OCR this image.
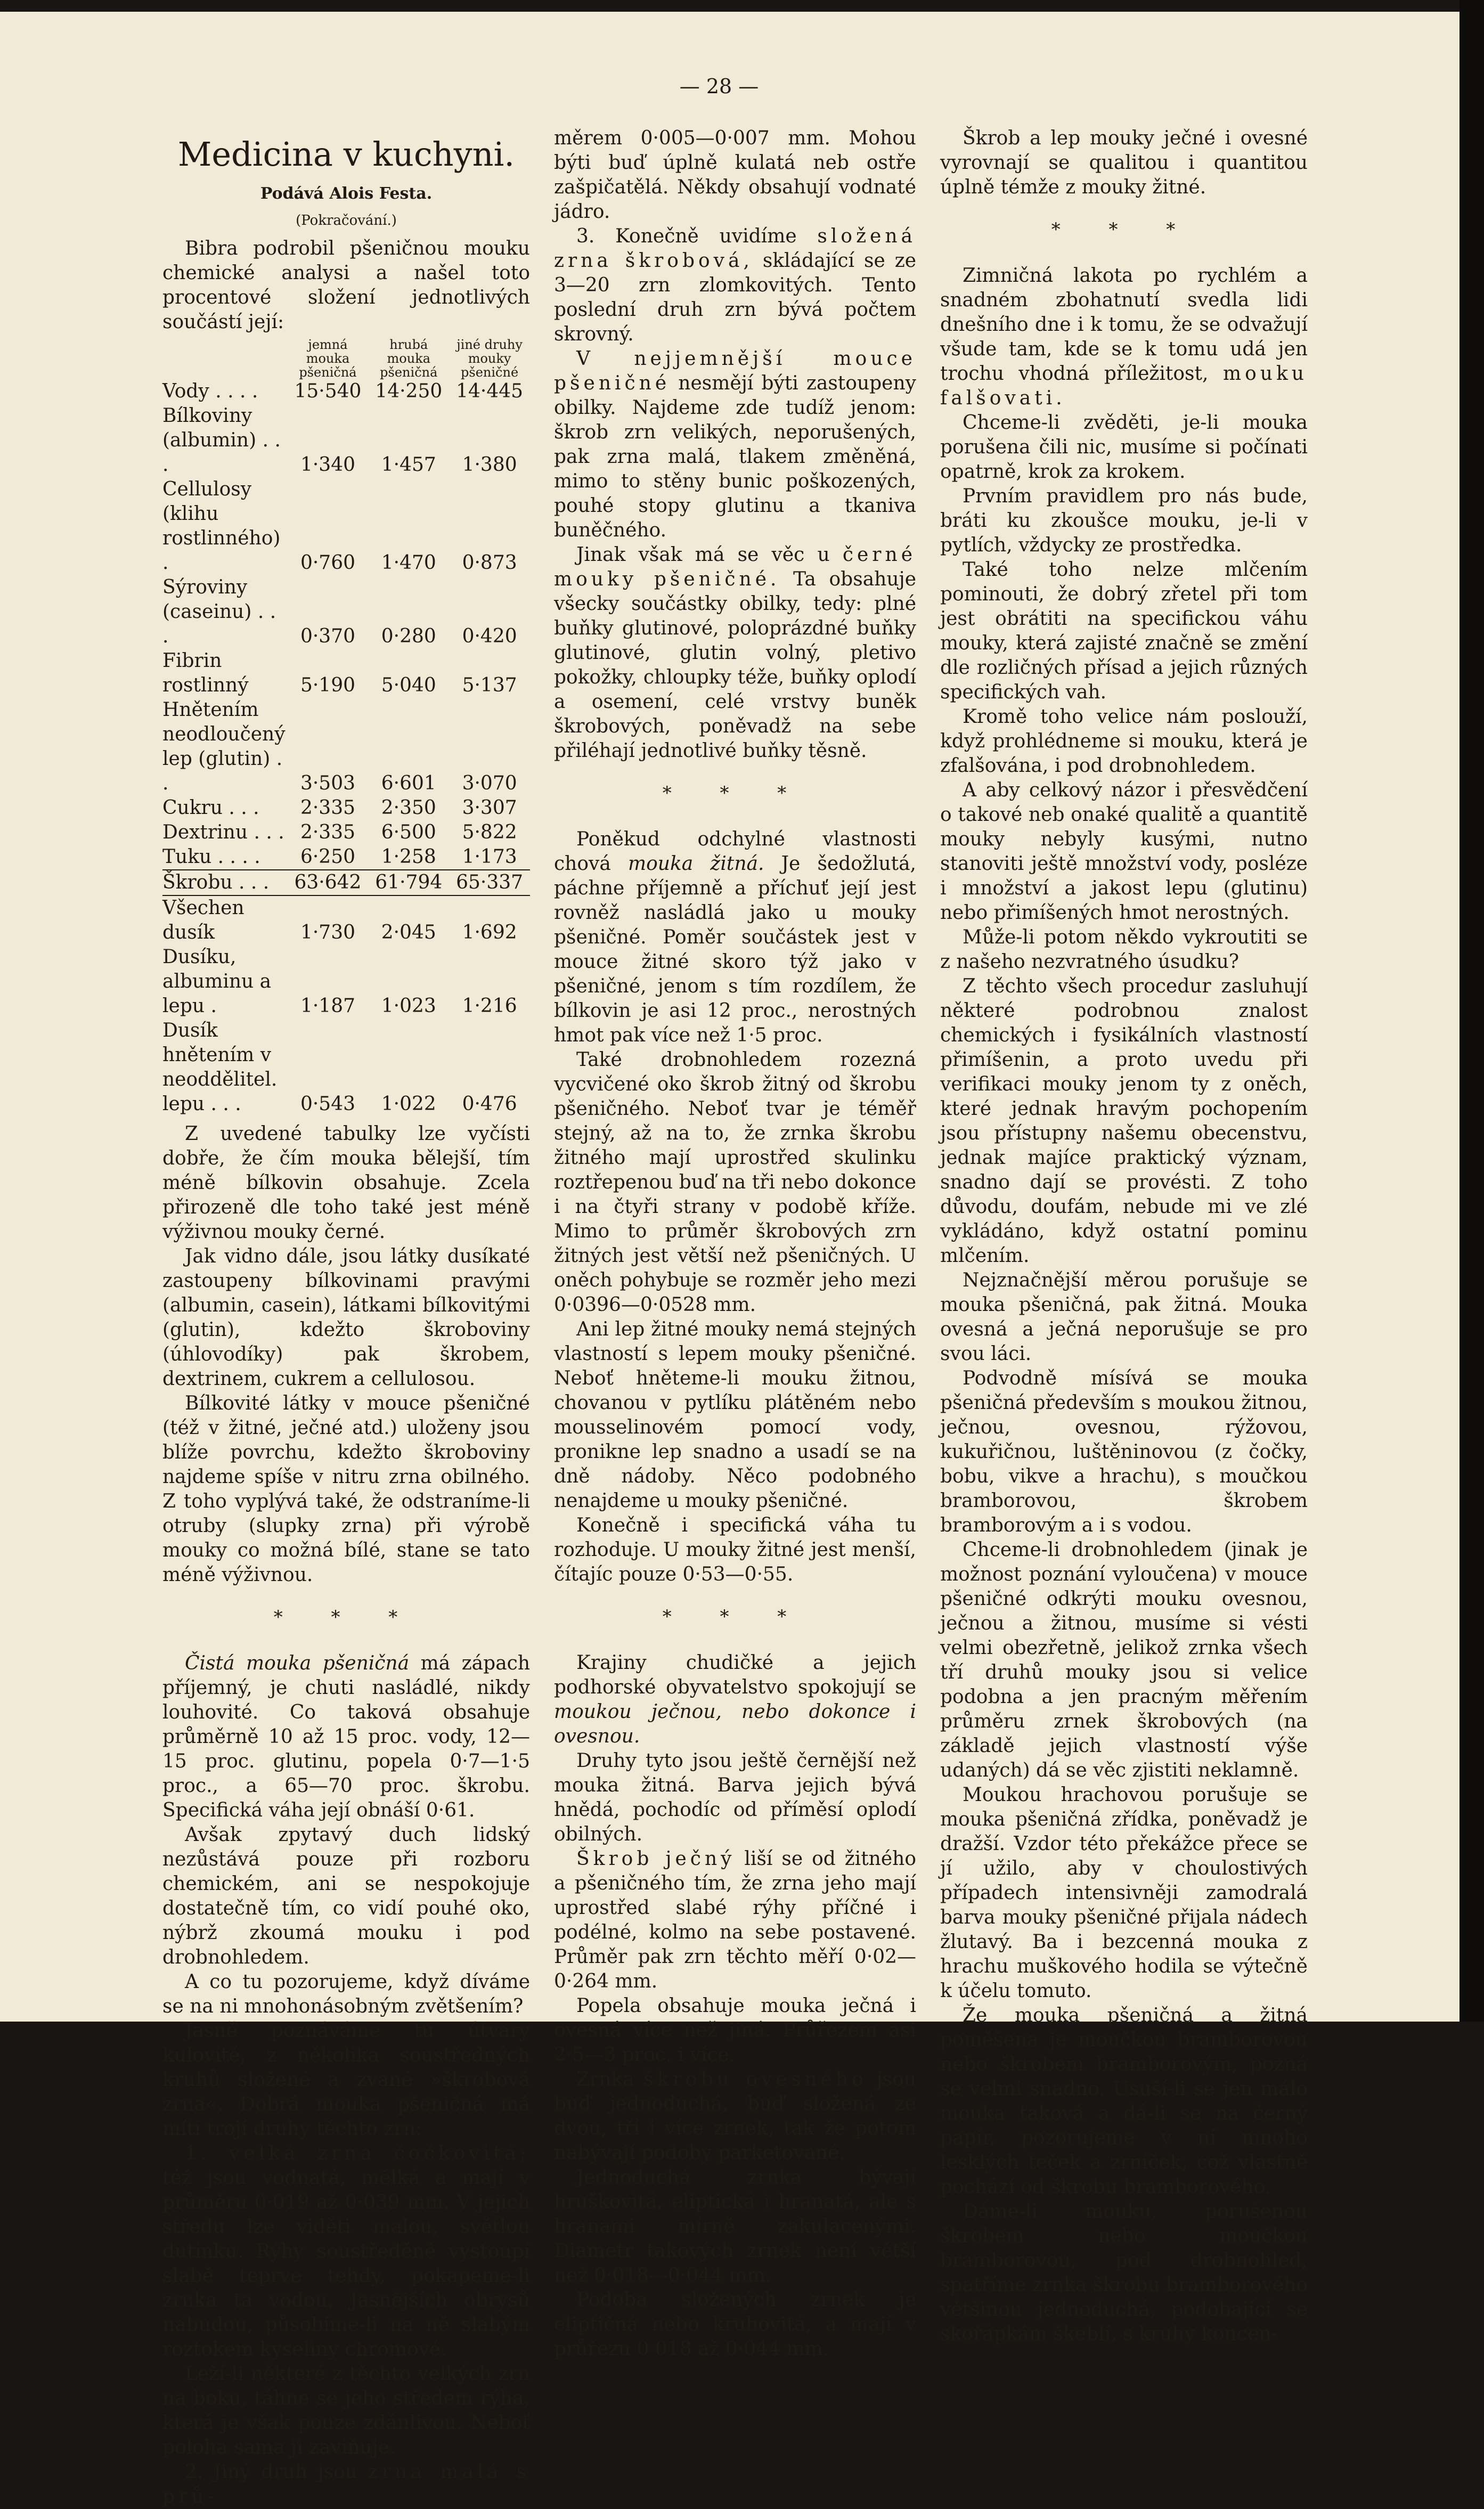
— 28 —
Medicina v kuchyni.
Podává Alois Festa.
(Pokračování.)

Bibra podrobil pšeničnou mouku chemické analysi a našel toto procentové složení jednotlivých součástí její:

	jemná mouka pšeničná	hrubá mouka pšeničná	jiné druhy mouky pšeničné
Vody . . . .	15·540	14·250	14·445
Bílkoviny (albumin) . . .	1·340	1·457	1·380
Cellulosy (klihu rostlinného) .	0·760	1·470	0·873
Sýroviny (caseinu) . . .	0·370	0·280	0·420
Fibrin rostlinný	5·190	5·040	5·137
Hnětením neodloučený lep (glutin) . .	3·503	6·601	3·070
Cukru . . .	2·335	2·350	3·307
Dextrinu . . .	2·335	6·500	5·822
Tuku . . . .	6·250	1·258	1·173
Škrobu . . .	63·642	61·794	65·337
Všechen dusík	1·730	2·045	1·692
Dusíku, albuminu a lepu .	1·187	1·023	1·216
Dusík hnětením v neoddělitel. lepu . . .	0·543	1·022	0·476

Z uvedené tabulky lze vyčísti dobře, že čím mouka bělejší, tím méně bílkovin obsahuje. Zcela přirozeně dle toho také jest méně výživnou mouky černé.

Jak vidno dále, jsou látky dusíkaté zastoupeny bílkovinami pravými (albumin, casein), látkami bílkovitými (glutin), kdežto škroboviny (úhlovodíky) pak škrobem, dextrinem, cukrem a cellulosou.

Bílkovité látky v mouce pšeničné (též v žitné, ječné atd.) uloženy jsou blíže povrchu, kdežto škroboviny najdeme spíše v nitru zrna obilného. Z toho vyplývá také, že odstraníme-li otruby (slupky zrna) při výrobě mouky co možná bílé, stane se tato méně výživnou.

* * *

Čistá mouka pšeničná má zápach příjemný, je chuti nasládlé, nikdy louhovité. Co taková obsahuje průměrně 10 až 15 proc. vody, 12—15 proc. glutinu, popela 0·7—1·5 proc., a 65—70 proc. škrobu. Specifická váha její obnáší 0·61.

Avšak zpytavý duch lidský nezůstává pouze při rozboru chemickém, ani se nespokojuje dostatečně tím, co vidí pouhé oko, nýbrž zkoumá mouku i pod drobnohledem.

A co tu pozorujeme, když díváme se na ni mnohonásobným zvětšením?

Jasně poznáváme tu útvary kulovité, z několika soustředných kruhů složené a zvané »škrobová zrna«. Dobrá mouka pšeničná má míti trojí druhy těchto zrn:

1. velká zrna čočkovitá; též jsou vodnatá, mělká a mají v průměru 0·019 až 0·039 mm. V jejich středu lze viděti malou, světlou dutinku. Rýhy soustředěné vystoupí slabě teprve tehdy, pokapeme-li zrnka ta vodou. Jasnějších obrysů nabudou, působíme-li na ně slabým roztokem kyseliny chromové.

Leží-li některé z těchto velkých zrn na boku, táhne se jeho středem rýha, která je však pouze zdánlivou. Neboť poloha sama ji zaviňuje.

2. Jiný druh jsou zrna malá s prů-

měrem 0·005—0·007 mm. Mohou býti buď úplně kulatá neb ostře zašpičatělá. Někdy obsahují vodnaté jádro.

3. Konečně uvidíme složená zrna škrobová, skládající se ze 3—20 zrn zlomkovitých. Tento poslední druh zrn bývá počtem skrovný.

V nejjemnější mouce pšeničné nesmějí býti zastoupeny obilky. Najdeme zde tudíž jenom: škrob zrn velikých, neporušených, pak zrna malá, tlakem změněná, mimo to stěny bunic poškozených, pouhé stopy glutinu a tkaniva buněčného.

Jinak však má se věc u černé mouky pšeničné. Ta obsahuje všecky součástky obilky, tedy: plné buňky glutinové, poloprázdné buňky glutinové, glutin volný, pletivo pokožky, chloupky téže, buňky oplodí a osemení, celé vrstvy buněk škrobových, poněvadž na sebe přiléhají jednotlivé buňky těsně.

* * *

Poněkud odchylné vlastnosti chová mouka žitná. Je šedožlutá, páchne příjemně a příchuť její jest rovněž nasládlá jako u mouky pšeničné. Poměr součástek jest v mouce žitné skoro týž jako v pšeničné, jenom s tím rozdílem, že bílkovin je asi 12 proc., nerostných hmot pak více než 1·5 proc.

Také drobnohledem rozezná vycvičené oko škrob žitný od škrobu pšeničného. Neboť tvar je téměř stejný, až na to, že zrnka škrobu žitného mají uprostřed skulinku roztřepenou buď na tři nebo dokonce i na čtyři strany v podobě kříže. Mimo to průměr škrobových zrn žitných jest větší než pšeničných. U oněch pohybuje se rozměr jeho mezi 0·0396—0·0528 mm.

Ani lep žitné mouky nemá stejných vlastností s lepem mouky pšeničné. Neboť hněteme-li mouku žitnou, chovanou v pytlíku plátěném nebo mousselinovém pomocí vody, pronikne lep snadno a usadí se na dně nádoby. Něco podobného nenajdeme u mouky pšeničné.

Konečně i specifická váha tu rozhoduje. U mouky žitné jest menší, čítajíc pouze 0·53—0·55.

* * *

Krajiny chudičké a jejich podhorské obyvatelstvo spokojují se moukou ječnou, nebo dokonce i ovesnou.

Druhy tyto jsou ještě černější než mouka žitná. Barva jejich bývá hnědá, pochodíc od příměsí oplodí obilných.

Škrob ječný liší se od žitného a pšeničného tím, že zrna jeho mají uprostřed slabé rýhy příčné i podélné, kolmo na sebe postavené. Průměr pak zrn těchto měří 0·02—0·264 mm.

Popela obsahuje mouka ječná i ovesná více než jiná. Průřezem asi 2·5—3 proc. i více.

Zrnka škrobu ovesného jsou buď jednoduchá, buď složená ze dvou, tří i více zrnek, tak že potom nabývají podoby parketované.

Jednoduchá zrnka bývají hruškovitá, eliptická i hranatá, ale s hranami mírně zakulacenými. Diametr takových zrnek není větší než 0·018—0·044 mm.

Podoba složených zrnek je eliptičná nebo kruhovitá, a mají v průřezu 0·018 až 0·044 mm.

Škrob a lep mouky ječné i ovesné vyrovnají se qualitou i quantitou úplně témže z mouky žitné.

* * *

Zimničná lakota po rychlém a snadném zbohatnutí svedla lidi dnešního dne i k tomu, že se odvažují všude tam, kde se k tomu udá jen trochu vhodná příležitost, mouku falšovati.

Chceme-li zvěděti, je-li mouka porušena čili nic, musíme si počínati opatrně, krok za krokem.

Prvním pravidlem pro nás bude, bráti ku zkoušce mouku, je-li v pytlích, vždycky ze prostředka.

Také toho nelze mlčením pominouti, že dobrý zřetel při tom jest obrátiti na specifickou váhu mouky, která zajisté značně se změní dle rozličných přísad a jejich různých specifických vah.

Kromě toho velice nám poslouží, když prohlédneme si mouku, která je zfalšována, i pod drobnohledem.

A aby celkový názor i přesvědčení o takové neb onaké qualitě a quantitě mouky nebyly kusými, nutno stanoviti ještě množství vody, posléze i množství a jakost lepu (glutinu) nebo přimíšených hmot nerostných.

Může-li potom někdo vykroutiti se z našeho nezvratného úsudku?

Z těchto všech procedur zasluhují některé podrobnou znalost chemických i fysikálních vlastností přimíšenin, a proto uvedu při verifikaci mouky jenom ty z oněch, které jednak hravým pochopením jsou přístupny našemu obecenstvu, jednak majíce praktický význam, snadno dají se provésti. Z toho důvodu, doufám, nebude mi ve zlé vykládáno, když ostatní pominu mlčením.

Nejznačnější měrou porušuje se mouka pšeničná, pak žitná. Mouka ovesná a ječná neporušuje se pro svou láci.

Podvodně mísívá se mouka pšeničná především s moukou žitnou, ječnou, ovesnou, rýžovou, kukuřičnou, luštěninovou (z čočky, bobu, vikve a hrachu), s moučkou bramborovou, škrobem bramborovým a i s vodou.

Chceme-li drobnohledem (jinak je možnost poznání vyloučena) v mouce pšeničné odkrýti mouku ovesnou, ječnou a žitnou, musíme si vésti velmi obezřetně, jelikož zrnka všech tří druhů mouky jsou si velice podobna a jen pracným měřením průměru zrnek škrobových (na základě jejich vlastností výše udaných) dá se věc zjistiti neklamně.

Moukou hrachovou porušuje se mouka pšeničná zřídka, poněvadž je dražší. Vzdor této překážce přece se jí užilo, aby v choulostivých případech intensivněji zamodralá barva mouky pšeničné přijala nádech žlutavý. Ba i bezcenná mouka z hrachu muškového hodila se výtečně k účelu tomuto.

Že mouka pšeničná a žitná poměšena je moučkou bramborovou nebo škrobem bramborovým, pozná se velmi snadno. Usuší-li se jen málo mouka taková a dá-li se na černý papír, pozorujeme v ní mnoho lesklých teček a zrníček, což vlastně pochází od škrobu bramborového.

Dáme-li mouku, porušenou škrobem nebo moučkou bramborovou, pod drobnohled, spatříme zrnka škrobu bramborového většinou jednoduchá, podobající se skořápkám škeblí, s kruhy koncen-
